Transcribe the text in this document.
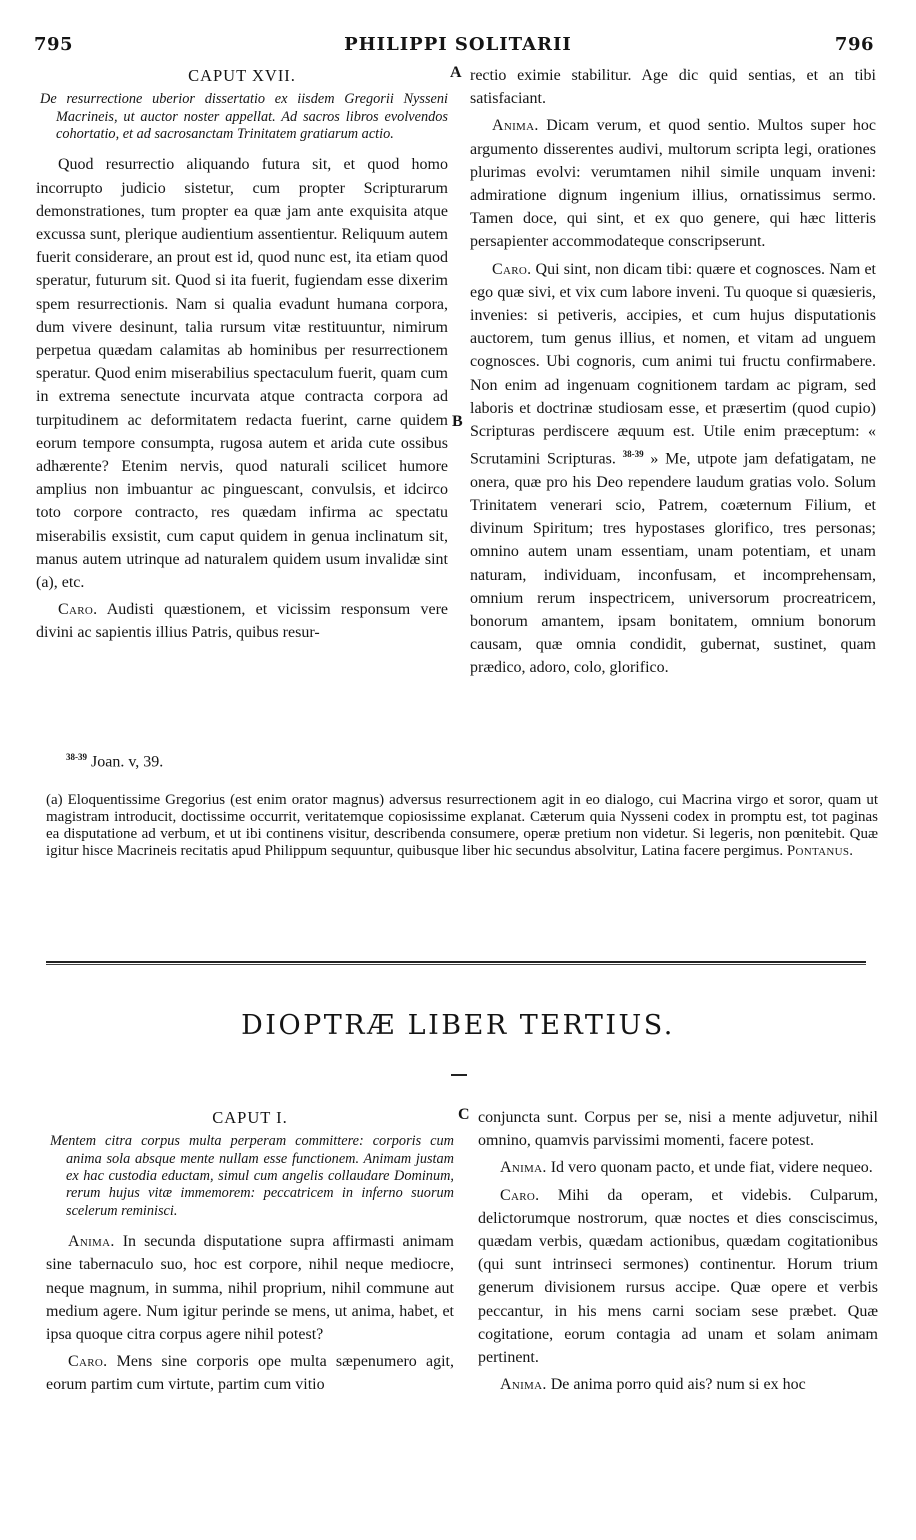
795	PHILIPPI SOLITARII	796
CAPUT XVII.
De resurrectione uberior dissertatio ex iisdem Gregorii Nysseni Macrineis, ut auctor noster appellat. Ad sacros libros evolvendos cohortatio, et ad sacrosanctam Trinitatem gratiarum actio.

Quod resurrectio aliquando futura sit, et quod homo incorrupto judicio sistetur, cum propter Scripturarum demonstrationes, tum propter ea quæ jam ante exquisita atque excussa sunt, plerique audientium assentientur. Reliquum autem fuerit considerare, an prout est id, quod nunc est, ita etiam quod speratur, futurum sit. Quod si ita fuerit, fugiendam esse dixerim spem resurrectionis. Nam si qualia evadunt humana corpora, dum vivere desinunt, talia rursum vitæ restituuntur, nimirum perpetua quædam calamitas ab hominibus per resurrectionem speratur. Quod enim miserabilius spectaculum fuerit, quam cum in extrema senectute incurvata atque contracta corpora ad turpitudinem ac deformitatem redacta fuerint, carne quidem eorum tempore consumpta, rugosa autem et arida cute ossibus adhærente? Etenim nervis, quod naturali scilicet humore amplius non imbuantur ac pinguescant, convulsis, et idcirco toto corpore contracto, res quædam infirma ac spectatu miserabilis exsistit, cum caput quidem in genua inclinatum sit, manus autem utrinque ad naturalem quidem usum invalidæ sint (a), etc.

Caro. Audisti quæstionem, et vicissim responsum vere divini ac sapientis illius Patris, quibus resur-

A
B

rectio eximie stabilitur. Age dic quid sentias, et an tibi satisfaciant.

Anima. Dicam verum, et quod sentio. Multos super hoc argumento disserentes audivi, multorum scripta legi, orationes plurimas evolvi: verumtamen nihil simile unquam inveni: admiratione dignum ingenium illius, ornatissimus sermo. Tamen doce, qui sint, et ex quo genere, qui hæc litteris persapienter accommodateque conscripserunt.

Caro. Qui sint, non dicam tibi: quære et cognosces. Nam et ego quæ sivi, et vix cum labore inveni. Tu quoque si quæsieris, invenies: si petiveris, accipies, et cum hujus disputationis auctorem, tum genus illius, et nomen, et vitam ad unguem cognosces. Ubi cognoris, cum animi tui fructu confirmabere. Non enim ad ingenuam cognitionem tardam ac pigram, sed laboris et doctrinæ studiosam esse, et præsertim (quod cupio) Scripturas perdiscere æquum est. Utile enim præceptum: « Scrutamini Scripturas. $^{38-39}$ » Me, utpote jam defatigatam, ne onera, quæ pro his Deo rependere laudum gratias volo. Solum Trinitatem venerari scio, Patrem, coæternum Filium, et divinum Spiritum; tres hypostases glorifico, tres personas; omnino autem unam essentiam, unam potentiam, et unam naturam, individuam, inconfusam, et incomprehensam, omnium rerum inspectricem, universorum procreatricem, bonorum amantem, ipsam bonitatem, omnium bonorum causam, quæ omnia condidit, gubernat, sustinet, quam prædico, adoro, colo, glorifico.

$^{38-39}$ Joan. v, 39.

(a) Eloquentissime Gregorius (est enim orator magnus) adversus resurrectionem agit in eo dialogo, cui Macrina virgo et soror, quam ut magistram introducit, doctissime occurrit, veritatemque copiosissime explanat. Cæterum quia Nysseni codex in promptu est, tot paginas ea disputatione ad verbum, et ut ibi continens visitur, describenda consumere, operæ pretium non videtur. Si legeris, non pœnitebit. Quæ igitur hisce Macrineis recitatis apud Philippum sequuntur, quibusque liber hic secundus absolvitur, Latina facere pergimus. Pontanus.

DIOPTRÆ LIBER TERTIUS.
CAPUT I.
Mentem citra corpus multa perperam committere: corporis cum anima sola absque mente nullam esse functionem. Animam justam ex hac custodia eductam, simul cum angelis collaudare Dominum, rerum hujus vitæ immemorem: peccatricem in inferno suorum scelerum reminisci.

Anima. In secunda disputatione supra affirmasti animam sine tabernaculo suo, hoc est corpore, nihil neque mediocre, neque magnum, in summa, nihil proprium, nihil commune aut medium agere. Num igitur perinde se mens, ut anima, habet, et ipsa quoque citra corpus agere nihil potest?

Caro. Mens sine corporis ope multa sæpenumero agit, eorum partim cum virtute, partim cum vitio

C conjuncta sunt. Corpus per se, nisi a mente adjuvetur, nihil omnino, quamvis parvissimi momenti, facere potest.

Anima. Id vero quonam pacto, et unde fiat, videre nequeo.

Caro. Mihi da operam, et videbis. Culparum, delictorumque nostrorum, quæ noctes et dies consciscimus, quædam verbis, quædam actionibus, quædam cogitationibus (qui sunt intrinseci sermones) continentur. Horum trium generum divisionem rursus accipe. Quæ opere et verbis peccantur, in his mens carni sociam sese præbet. Quæ cogitatione, eorum contagia ad unam et solam animam pertinent.

Anima. De anima porro quid ais? num si ex hoc
